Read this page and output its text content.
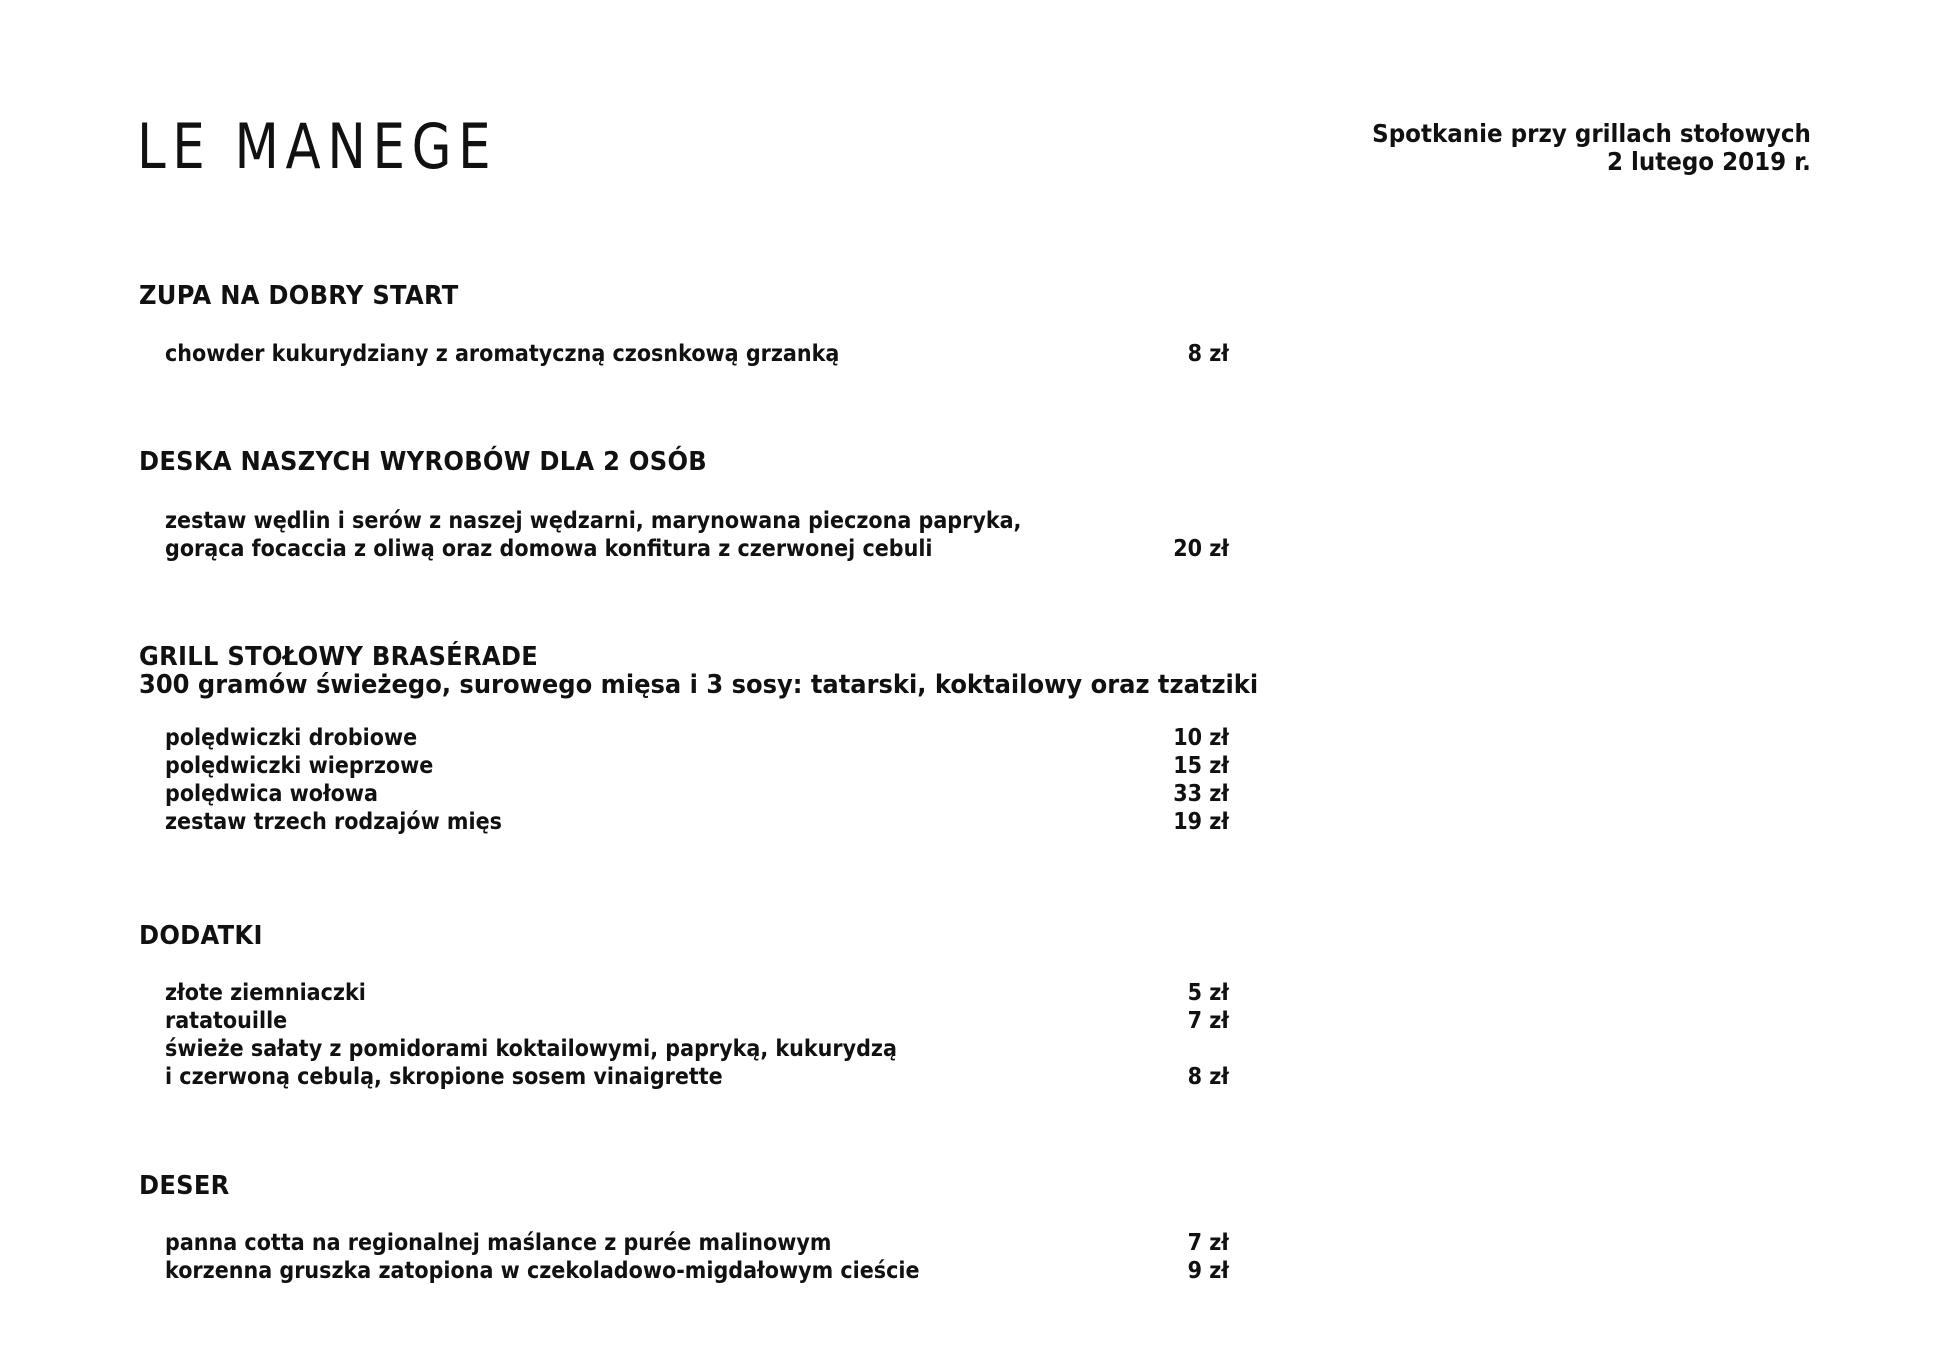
LE MANEGE	Spotkanie przy grillach stołowych
2 lutego 2019 r.
ZUPA NA DOBRY START
chowder kukurydziany z aromatyczną czosnkową grzanką	8 zł
DESKA NASZYCH WYROBÓW DLA 2 OSÓB
zestaw wędlin i serów z naszej wędzarni, marynowana pieczona papryka,
gorąca focaccia z oliwą oraz domowa konfitura z czerwonej cebuli	20 zł
GRILL STOŁOWY BRASÉRADE
300 gramów świeżego, surowego mięsa i 3 sosy: tatarski, koktailowy oraz tzatziki
polędwiczki drobiowe	10 zł
polędwiczki wieprzowe	15 zł
polędwica wołowa	33 zł
zestaw trzech rodzajów mięs	19 zł
DODATKI
złote ziemniaczki	5 zł
ratatouille	7 zł
świeże sałaty z pomidorami koktailowymi, papryką, kukurydzą
i czerwoną cebulą, skropione sosem vinaigrette	8 zł
DESER
panna cotta na regionalnej maślance z purée malinowym	7 zł
korzenna gruszka zatopiona w czekoladowo-migdałowym cieście	9 zł
